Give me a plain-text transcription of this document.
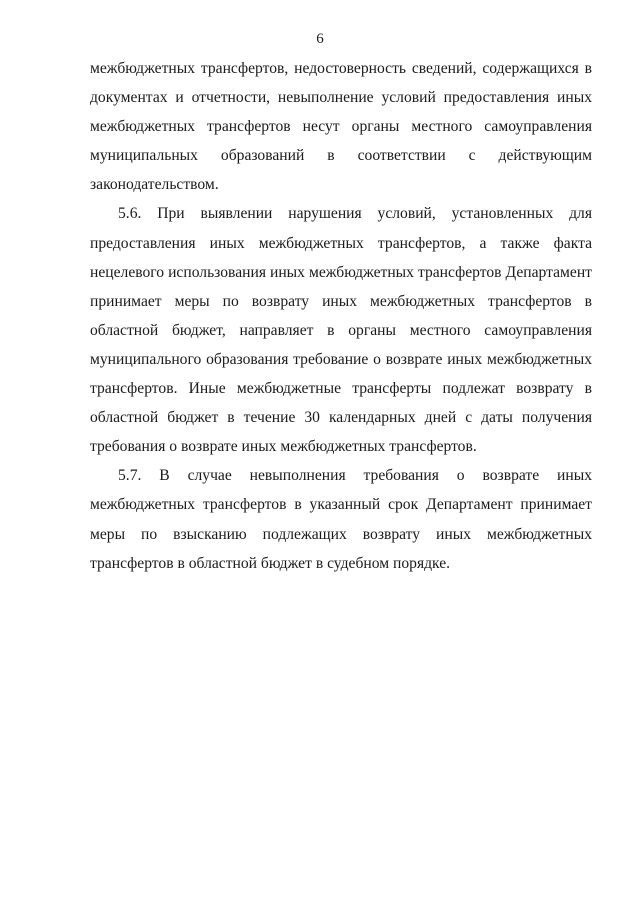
6

межбюджетных трансфертов, недостоверность сведений, содержащихся в документах и отчетности, невыполнение условий предоставления иных межбюджетных трансфертов несут органы местного самоуправления муниципальных образований в соответствии с действующим законодательством.

5.6. При выявлении нарушения условий, установленных для предоставления иных межбюджетных трансфертов, а также факта нецелевого использования иных межбюджетных трансфертов Департамент принимает меры по возврату иных межбюджетных трансфертов в областной бюджет, направляет в органы местного самоуправления муниципального образования требование о возврате иных межбюджетных трансфертов. Иные межбюджетные трансферты подлежат возврату в областной бюджет в течение 30 календарных дней с даты получения требования о возврате иных межбюджетных трансфертов.

5.7. В случае невыполнения требования о возврате иных межбюджетных трансфертов в указанный срок Департамент принимает меры по взысканию подлежащих возврату иных межбюджетных трансфертов в областной бюджет в судебном порядке.
